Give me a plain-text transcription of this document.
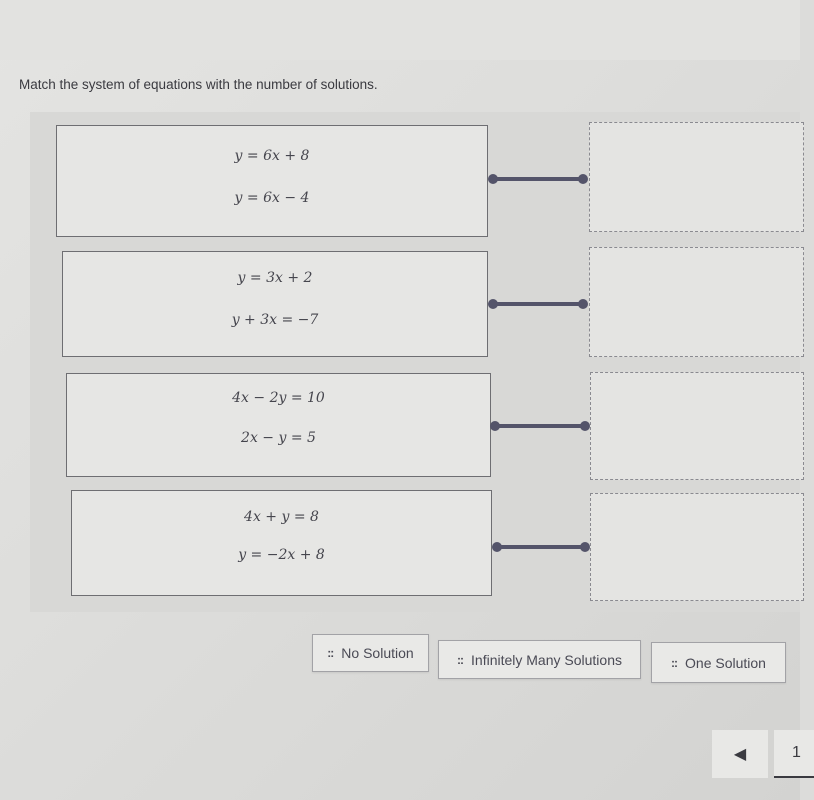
Match the system of equations with the number of solutions.
y = 6x + 8
y = 6x − 4
y = 3x + 2
y + 3x = −7
4x − 2y = 10
2x − y = 5
4x + y = 8
y = −2x + 8
:: No Solution	:: Infinitely Many Solutions	:: One Solution
◀	1
